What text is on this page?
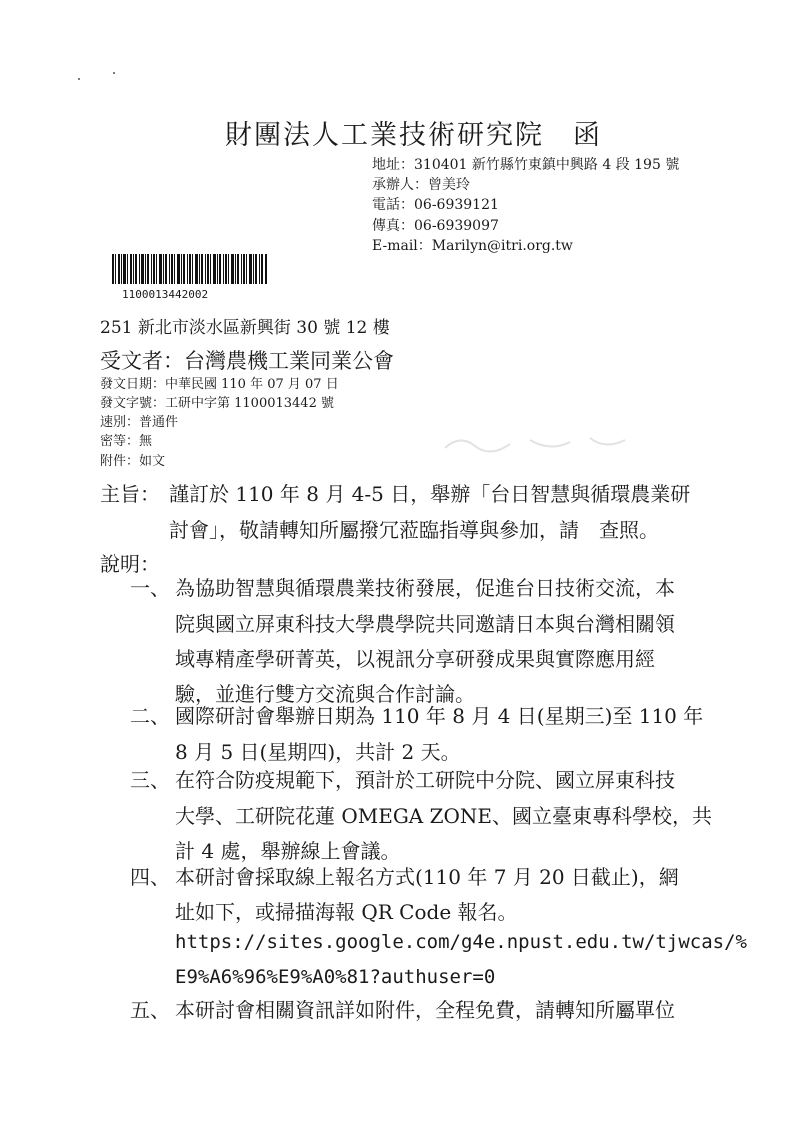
財團法人工業技術研究院　函
地址：310401 新竹縣竹東鎮中興路 4 段 195 號
承辦人：曾美玲
電話：06-6939121
傳真：06-6939097
E-mail：Marilyn@itri.org.tw
1100013442002
251 新北市淡水區新興街 30 號 12 樓
受文者：台灣農機工業同業公會
發文日期：中華民國 110 年 07 月 07 日
發文字號：工研中字第 1100013442 號
速別：普通件
密等：無
附件：如文
主旨： 謹訂於 110 年 8 月 4-5 日，舉辦「台日智慧與循環農業研
討會」，敬請轉知所屬撥冗蒞臨指導與參加，請　查照。
說明：
一、 為協助智慧與循環農業技術發展，促進台日技術交流，本
院與國立屏東科技大學農學院共同邀請日本與台灣相關領
域專精產學研菁英，以視訊分享研發成果與實際應用經
驗，並進行雙方交流與合作討論。
二、 國際研討會舉辦日期為 110 年 8 月 4 日(星期三)至 110 年
8 月 5 日(星期四)，共計 2 天。
三、 在符合防疫規範下，預計於工研院中分院、國立屏東科技
大學、工研院花蓮 OMEGA ZONE、國立臺東專科學校，共
計 4 處，舉辦線上會議。
四、 本研討會採取線上報名方式(110 年 7 月 20 日截止)，網
址如下，或掃描海報 QR Code 報名。
https://sites.google.com/g4e.npust.edu.tw/tjwcas/%
E9%A6%96%E9%A0%81?authuser=0
五、 本研討會相關資訊詳如附件，全程免費，請轉知所屬單位
